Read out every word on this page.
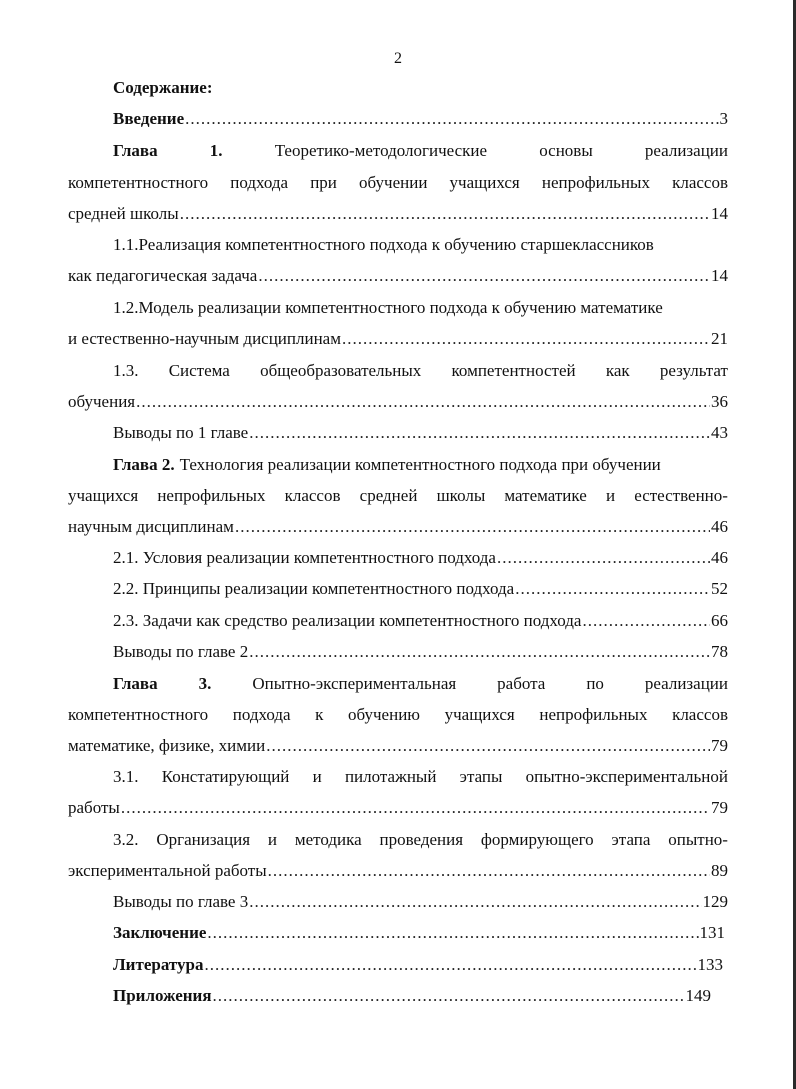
2
Содержание:
Введение .....	3
Глава	1.	Теоретико-методологические	основы	реализации
компетентностного подхода при обучении учащихся непрофильных классов
средней школы .....	14
1.1.Реализация компетентностного подхода к обучению старшеклассников
как педагогическая задача .....	14
1.2.Модель реализации компетентностного подхода к обучению математике
и естественно-научным дисциплинам .....	21
1.3. Система общеобразовательных компетентностей как результат
обучения .....	36
Выводы по 1 главе .....	43
Глава 2. Технология реализации компетентностного подхода при обучении
учащихся непрофильных классов средней школы математике и естественно-
научным дисциплинам .....	46
2.1. Условия реализации компетентностного подхода .....	46
2.2. Принципы реализации компетентностного подхода .....	52
2.3. Задачи как средство реализации компетентностного подхода .....	66
Выводы по главе 2 .....	78
Глава 3. Опытно-экспериментальная работа по реализации
компетентностного подхода к обучению учащихся непрофильных классов
математике, физике, химии .....	79
3.1. Констатирующий и пилотажный этапы опытно-экспериментальной
работы .....	79
3.2. Организация и методика проведения формирующего этапа опытно-
экспериментальной работы .....	89
Выводы по главе 3 .....	129
Заключение .....	131
Литература .....	133
Приложения .....	149
